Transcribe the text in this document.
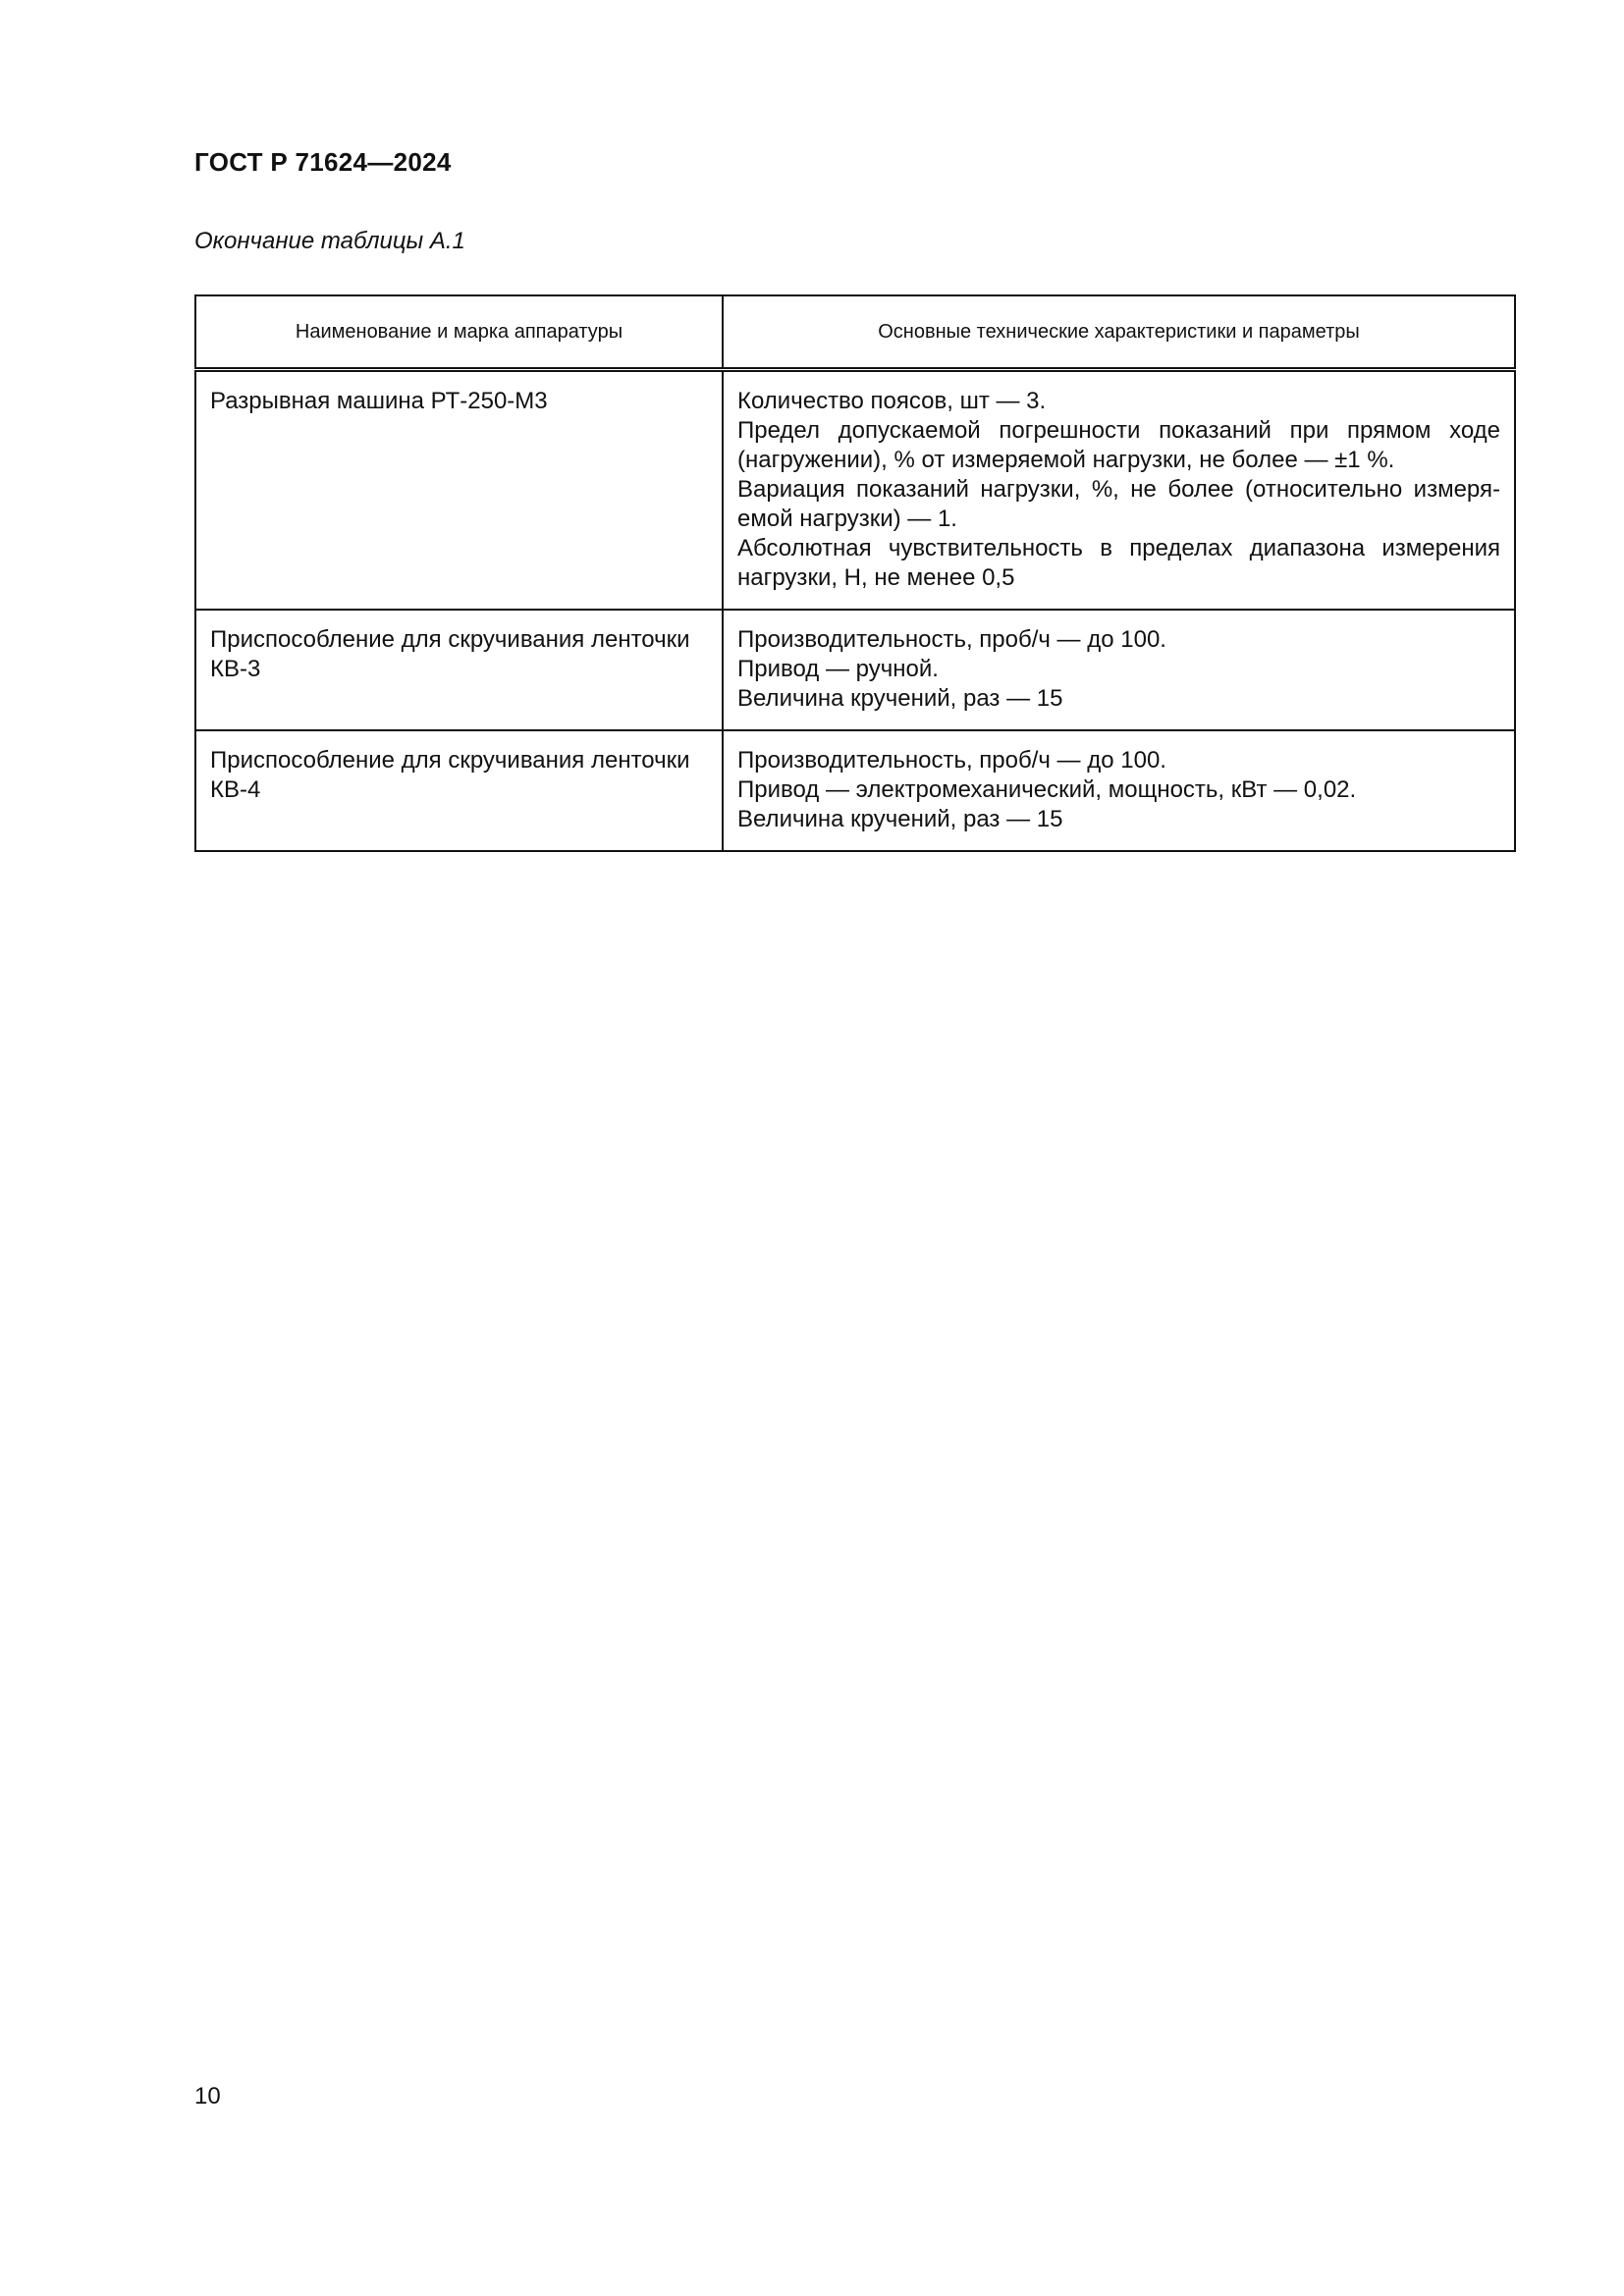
ГОСТ Р 71624—2024
Окончание таблицы А.1
Наименование и марка аппаратуры	Основные технические характеристики и параметры
Разрывная машина РТ-250-М3	Количество поясов, шт — 3.
Предел допускаемой погрешности показаний при прямом ходе (нагружении), % от измеряемой нагрузки, не более — ±1 %.
Вариация показаний нагрузки, %, не более (относительно измеря-емой нагрузки) — 1.
Абсолютная чувствительность в пределах диапазона измерения нагрузки, Н, не менее 0,5

Приспособление для скручивания ленточки КВ-3	Производительность, проб/ч — до 100.
Привод — ручной.
Величина кручений, раз — 15

Приспособление для скручивания ленточки КВ-4	Производительность, проб/ч — до 100.
Привод — электромеханический, мощность, кВт — 0,02.
Величина кручений, раз — 15
10
